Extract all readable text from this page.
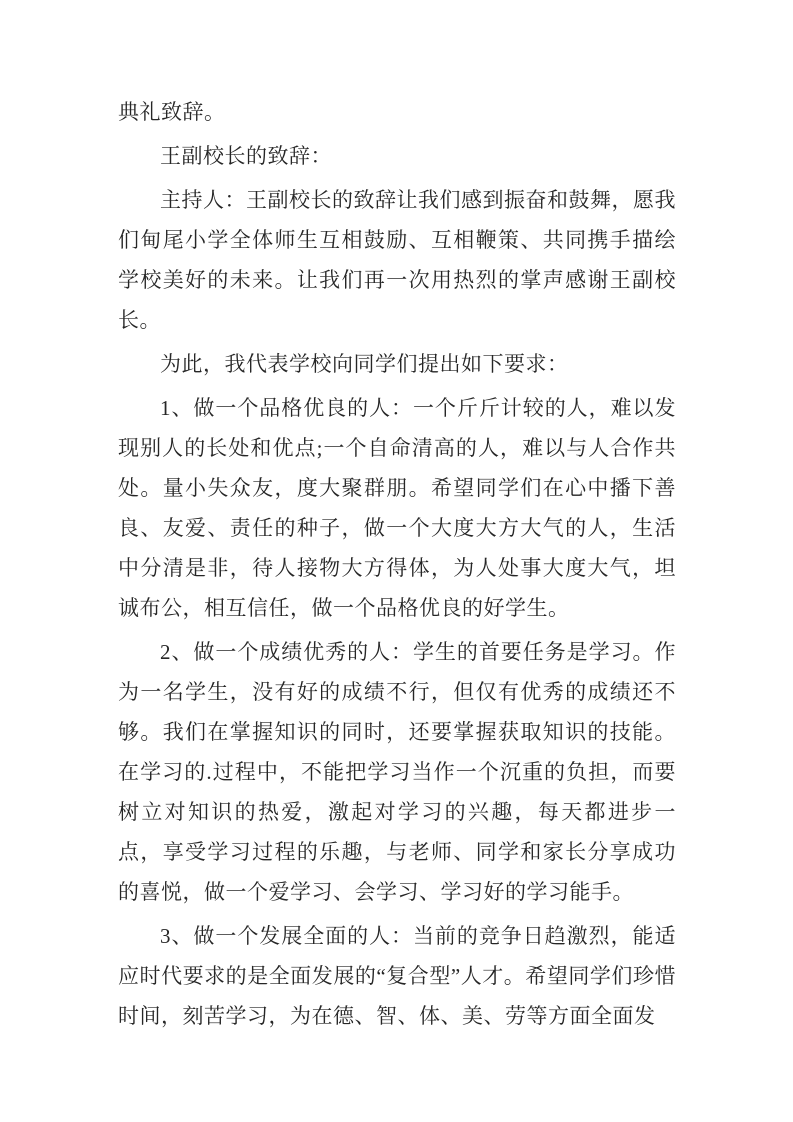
典礼致辞。

王副校长的致辞：

主持人：王副校长的致辞让我们感到振奋和鼓舞，愿我们甸尾小学全体师生互相鼓励、互相鞭策、共同携手描绘学校美好的未来。让我们再一次用热烈的掌声感谢王副校长。

为此，我代表学校向同学们提出如下要求：

1、做一个品格优良的人：一个斤斤计较的人，难以发现别人的长处和优点;一个自命清高的人，难以与人合作共处。量小失众友，度大聚群朋。希望同学们在心中播下善良、友爱、责任的种子，做一个大度大方大气的人，生活中分清是非，待人接物大方得体，为人处事大度大气，坦诚布公，相互信任，做一个品格优良的好学生。

2、做一个成绩优秀的人：学生的首要任务是学习。作为一名学生，没有好的成绩不行，但仅有优秀的成绩还不够。我们在掌握知识的同时，还要掌握获取知识的技能。在学习的.过程中，不能把学习当作一个沉重的负担，而要树立对知识的热爱，激起对学习的兴趣，每天都进步一点，享受学习过程的乐趣，与老师、同学和家长分享成功的喜悦，做一个爱学习、会学习、学习好的学习能手。

3、做一个发展全面的人：当前的竞争日趋激烈，能适应时代要求的是全面发展的“复合型”人才。希望同学们珍惜时间，刻苦学习，为在德、智、体、美、劳等方面全面发
